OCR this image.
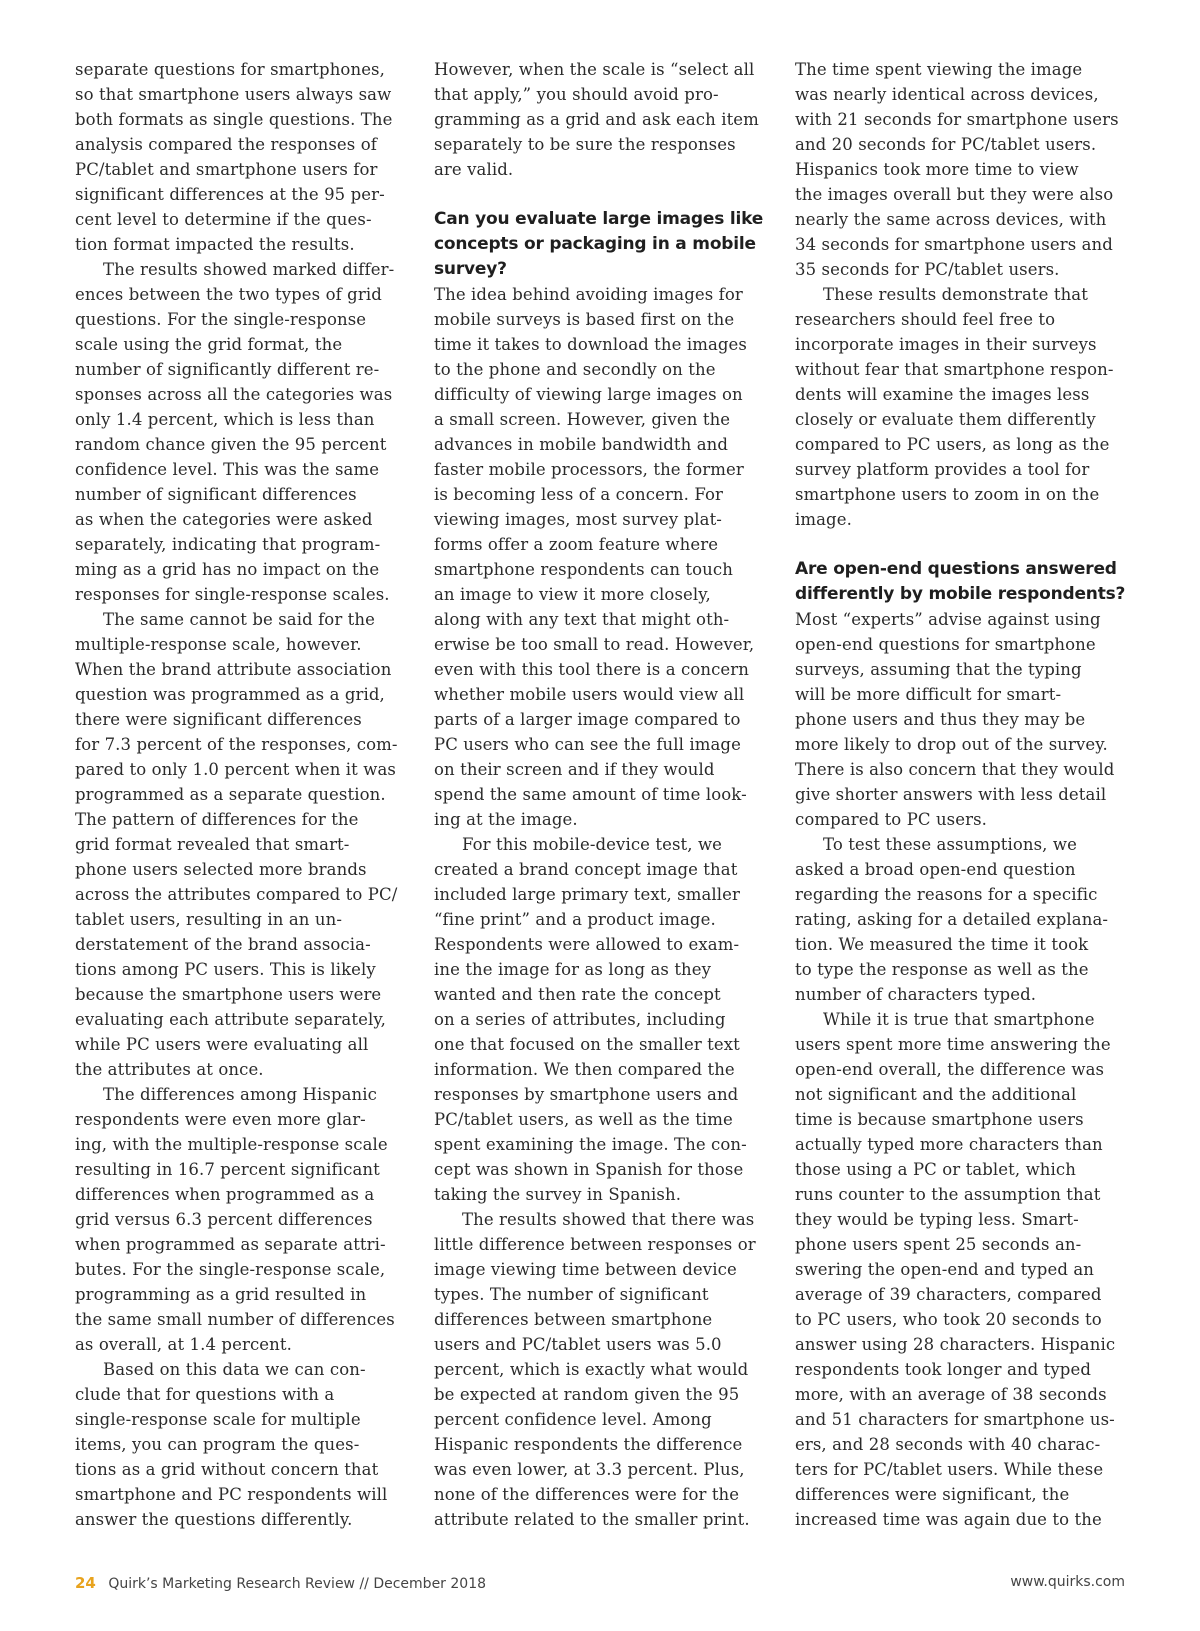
separate questions for smartphones,
so that smartphone users always saw
both formats as single questions. The
analysis compared the responses of
PC/tablet and smartphone users for
significant differences at the 95 per-
cent level to determine if the ques-
tion format impacted the results.
The results showed marked differ-
ences between the two types of grid
questions. For the single-response
scale using the grid format, the
number of significantly different re-
sponses across all the categories was
only 1.4 percent, which is less than
random chance given the 95 percent
confidence level. This was the same
number of significant differences
as when the categories were asked
separately, indicating that program-
ming as a grid has no impact on the
responses for single-response scales.
The same cannot be said for the
multiple-response scale, however.
When the brand attribute association
question was programmed as a grid,
there were significant differences
for 7.3 percent of the responses, com-
pared to only 1.0 percent when it was
programmed as a separate question.
The pattern of differences for the
grid format revealed that smart-
phone users selected more brands
across the attributes compared to PC/
tablet users, resulting in an un-
derstatement of the brand associa-
tions among PC users. This is likely
because the smartphone users were
evaluating each attribute separately,
while PC users were evaluating all
the attributes at once.
The differences among Hispanic
respondents were even more glar-
ing, with the multiple-response scale
resulting in 16.7 percent significant
differences when programmed as a
grid versus 6.3 percent differences
when programmed as separate attri-
butes. For the single-response scale,
programming as a grid resulted in
the same small number of differences
as overall, at 1.4 percent.
Based on this data we can con-
clude that for questions with a
single-response scale for multiple
items, you can program the ques-
tions as a grid without concern that
smartphone and PC respondents will
answer the questions differently.
However, when the scale is “select all
that apply,” you should avoid pro-
gramming as a grid and ask each item
separately to be sure the responses
are valid.
Can you evaluate large images like
concepts or packaging in a mobile
survey?
The idea behind avoiding images for
mobile surveys is based first on the
time it takes to download the images
to the phone and secondly on the
difficulty of viewing large images on
a small screen. However, given the
advances in mobile bandwidth and
faster mobile processors, the former
is becoming less of a concern. For
viewing images, most survey plat-
forms offer a zoom feature where
smartphone respondents can touch
an image to view it more closely,
along with any text that might oth-
erwise be too small to read. However,
even with this tool there is a concern
whether mobile users would view all
parts of a larger image compared to
PC users who can see the full image
on their screen and if they would
spend the same amount of time look-
ing at the image.
For this mobile-device test, we
created a brand concept image that
included large primary text, smaller
“fine print” and a product image.
Respondents were allowed to exam-
ine the image for as long as they
wanted and then rate the concept
on a series of attributes, including
one that focused on the smaller text
information. We then compared the
responses by smartphone users and
PC/tablet users, as well as the time
spent examining the image. The con-
cept was shown in Spanish for those
taking the survey in Spanish.
The results showed that there was
little difference between responses or
image viewing time between device
types. The number of significant
differences between smartphone
users and PC/tablet users was 5.0
percent, which is exactly what would
be expected at random given the 95
percent confidence level. Among
Hispanic respondents the difference
was even lower, at 3.3 percent. Plus,
none of the differences were for the
attribute related to the smaller print.
The time spent viewing the image
was nearly identical across devices,
with 21 seconds for smartphone users
and 20 seconds for PC/tablet users.
Hispanics took more time to view
the images overall but they were also
nearly the same across devices, with
34 seconds for smartphone users and
35 seconds for PC/tablet users.
These results demonstrate that
researchers should feel free to
incorporate images in their surveys
without fear that smartphone respon-
dents will examine the images less
closely or evaluate them differently
compared to PC users, as long as the
survey platform provides a tool for
smartphone users to zoom in on the
image.
Are open-end questions answered
differently by mobile respondents?
Most “experts” advise against using
open-end questions for smartphone
surveys, assuming that the typing
will be more difficult for smart-
phone users and thus they may be
more likely to drop out of the survey.
There is also concern that they would
give shorter answers with less detail
compared to PC users.
To test these assumptions, we
asked a broad open-end question
regarding the reasons for a specific
rating, asking for a detailed explana-
tion. We measured the time it took
to type the response as well as the
number of characters typed.
While it is true that smartphone
users spent more time answering the
open-end overall, the difference was
not significant and the additional
time is because smartphone users
actually typed more characters than
those using a PC or tablet, which
runs counter to the assumption that
they would be typing less. Smart-
phone users spent 25 seconds an-
swering the open-end and typed an
average of 39 characters, compared
to PC users, who took 20 seconds to
answer using 28 characters. Hispanic
respondents took longer and typed
more, with an average of 38 seconds
and 51 characters for smartphone us-
ers, and 28 seconds with 40 charac-
ters for PC/tablet users. While these
differences were significant, the
increased time was again due to the
24 Quirk’s Marketing Research Review // December 2018	www.quirks.com
